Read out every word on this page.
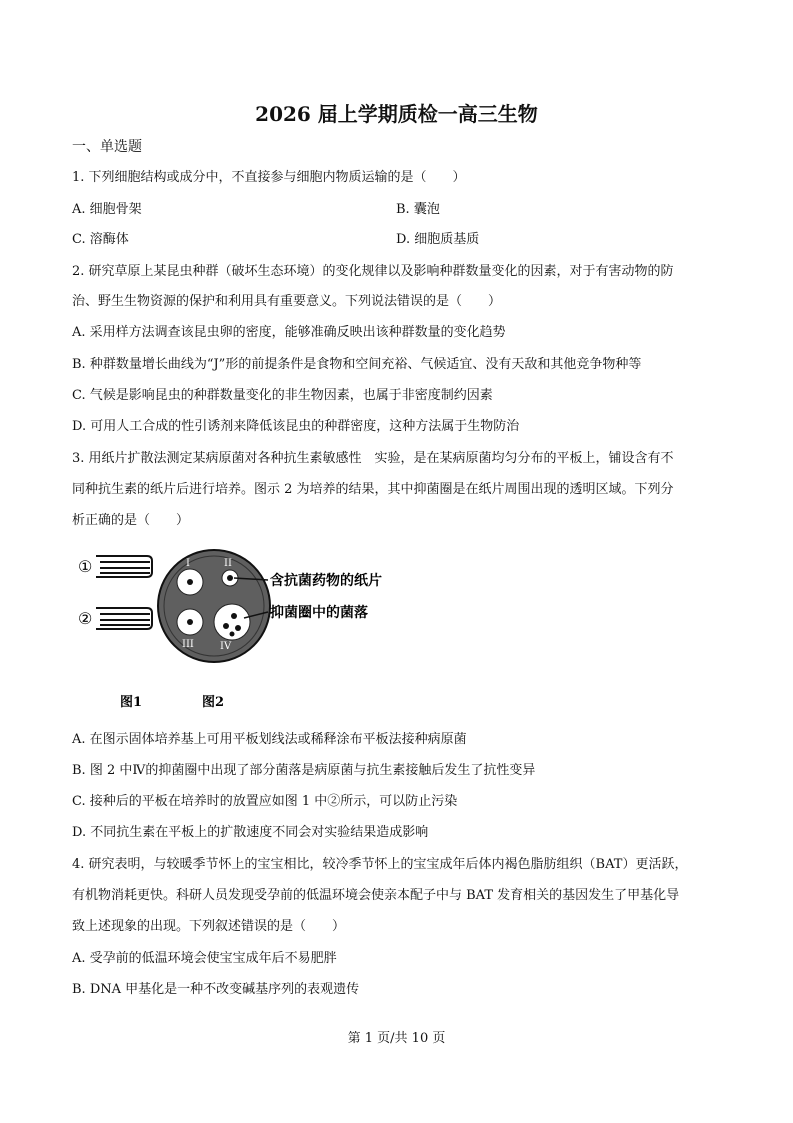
2026 届上学期质检一高三生物
一、单选题
1. 下列细胞结构或成分中，不直接参与细胞内物质运输的是（　　）
A. 细胞骨架	B. 囊泡
C. 溶酶体	D. 细胞质基质
2. 研究草原上某昆虫种群（破坏生态环境）的变化规律以及影响种群数量变化的因素，对于有害动物的防
治、野生生物资源的保护和利用具有重要意义。下列说法错误的是（　　）
A. 采用样方法调查该昆虫卵的密度，能够准确反映出该种群数量的变化趋势
B. 种群数量增长曲线为“J”形的前提条件是食物和空间充裕、气候适宜、没有天敌和其他竞争物种等
C. 气候是影响昆虫的种群数量变化的非生物因素，也属于非密度制约因素
D. 可用人工合成的性引诱剂来降低该昆虫的种群密度，这种方法属于生物防治
3. 用纸片扩散法测定某病原菌对各种抗生素敏感性　实验，是在某病原菌均匀分布的平板上，铺设含有不
同种抗生素的纸片后进行培养。图示 2 为培养的结果，其中抑菌圈是在纸片周围出现的透明区域。下列分
析正确的是（　　）
①
②
I	II
III	IV
含抗菌药物的纸片
抑菌圈中的菌落
图1	图2
A. 在图示固体培养基上可用平板划线法或稀释涂布平板法接种病原菌
B. 图 2 中Ⅳ的抑菌圈中出现了部分菌落是病原菌与抗生素接触后发生了抗性变异
C. 接种后的平板在培养时的放置应如图 1 中②所示，可以防止污染
D. 不同抗生素在平板上的扩散速度不同会对实验结果造成影响
4. 研究表明，与较暖季节怀上的宝宝相比，较冷季节怀上的宝宝成年后体内褐色脂肪组织（BAT）更活跃，
有机物消耗更快。科研人员发现受孕前的低温环境会使亲本配子中与 BAT 发育相关的基因发生了甲基化导
致上述现象的出现。下列叙述错误的是（　　）
A. 受孕前的低温环境会使宝宝成年后不易肥胖
B. DNA 甲基化是一种不改变碱基序列的表观遗传
第 1 页/共 10 页
